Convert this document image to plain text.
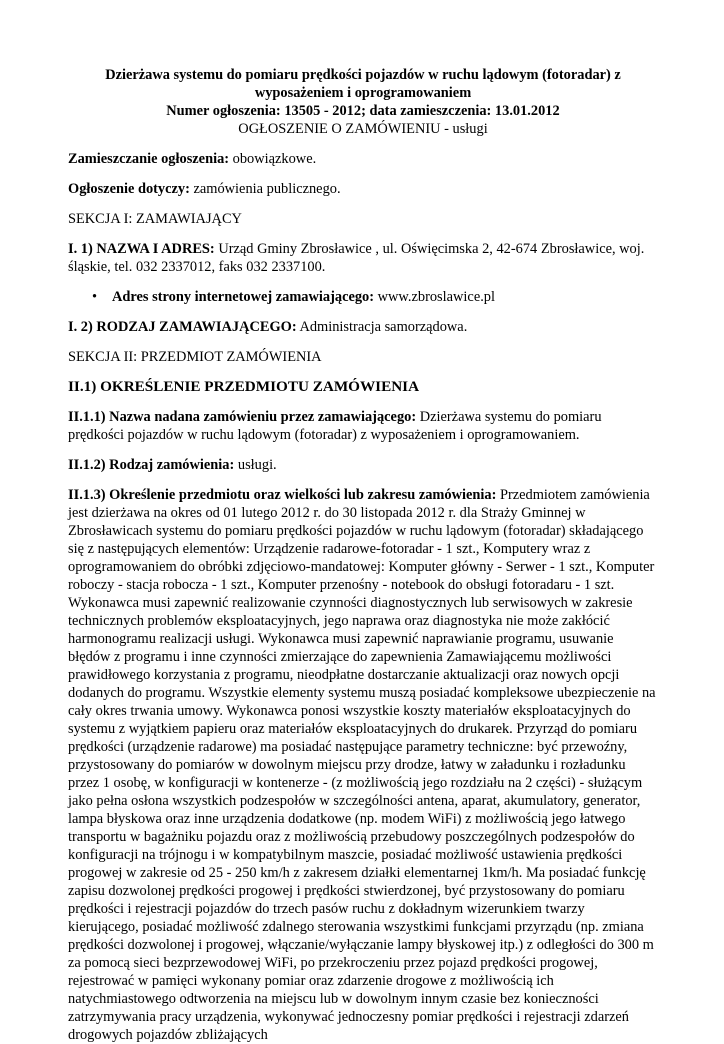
Dzierżawa systemu do pomiaru prędkości pojazdów w ruchu lądowym (fotoradar) z
wyposażeniem i oprogramowaniem
Numer ogłoszenia: 13505 - 2012; data zamieszczenia: 13.01.2012
OGŁOSZENIE O ZAMÓWIENIU - usługi

Zamieszczanie ogłoszenia: obowiązkowe.

Ogłoszenie dotyczy: zamówienia publicznego.

SEKCJA I: ZAMAWIAJĄCY

I. 1) NAZWA I ADRES: Urząd Gminy Zbrosławice , ul. Oświęcimska 2, 42-674 Zbrosławice, woj. śląskie, tel. 032 2337012, faks 032 2337100.

• Adres strony internetowej zamawiającego: www.zbroslawice.pl

I. 2) RODZAJ ZAMAWIAJĄCEGO: Administracja samorządowa.

SEKCJA II: PRZEDMIOT ZAMÓWIENIA

II.1) OKREŚLENIE PRZEDMIOTU ZAMÓWIENIA

II.1.1) Nazwa nadana zamówieniu przez zamawiającego: Dzierżawa systemu do pomiaru prędkości pojazdów w ruchu lądowym (fotoradar) z wyposażeniem i oprogramowaniem.

II.1.2) Rodzaj zamówienia: usługi.

II.1.3) Określenie przedmiotu oraz wielkości lub zakresu zamówienia: Przedmiotem zamówienia jest dzierżawa na okres od 01 lutego 2012 r. do 30 listopada 2012 r. dla Straży Gminnej w Zbrosławicach systemu do pomiaru prędkości pojazdów w ruchu lądowym (fotoradar) składającego się z następujących elementów: Urządzenie radarowe-fotoradar - 1 szt., Komputery wraz z oprogramowaniem do obróbki zdjęciowo-mandatowej: Komputer główny - Serwer - 1 szt., Komputer roboczy - stacja robocza - 1 szt., Komputer przenośny - notebook do obsługi fotoradaru - 1 szt. Wykonawca musi zapewnić realizowanie czynności diagnostycznych lub serwisowych w zakresie technicznych problemów eksploatacyjnych, jego naprawa oraz diagnostyka nie może zakłócić harmonogramu realizacji usługi. Wykonawca musi zapewnić naprawianie programu, usuwanie błędów z programu i inne czynności zmierzające do zapewnienia Zamawiającemu możliwości prawidłowego korzystania z programu, nieodpłatne dostarczanie aktualizacji oraz nowych opcji dodanych do programu. Wszystkie elementy systemu muszą posiadać kompleksowe ubezpieczenie na cały okres trwania umowy. Wykonawca ponosi wszystkie koszty materiałów eksploatacyjnych do systemu z wyjątkiem papieru oraz materiałów eksploatacyjnych do drukarek. Przyrząd do pomiaru prędkości (urządzenie radarowe) ma posiadać następujące parametry techniczne: być przewoźny, przystosowany do pomiarów w dowolnym miejscu przy drodze, łatwy w załadunku i rozładunku przez 1 osobę, w konfiguracji w kontenerze - (z możliwością jego rozdziału na 2 części) - służącym jako pełna osłona wszystkich podzespołów w szczególności antena, aparat, akumulatory, generator, lampa błyskowa oraz inne urządzenia dodatkowe (np. modem WiFi) z możliwością jego łatwego transportu w bagażniku pojazdu oraz z możliwością przebudowy poszczególnych podzespołów do konfiguracji na trójnogu i w kompatybilnym maszcie, posiadać możliwość ustawienia prędkości progowej w zakresie od 25 - 250 km/h z zakresem działki elementarnej 1km/h. Ma posiadać funkcję zapisu dozwolonej prędkości progowej i prędkości stwierdzonej, być przystosowany do pomiaru prędkości i rejestracji pojazdów do trzech pasów ruchu z dokładnym wizerunkiem twarzy kierującego, posiadać możliwość zdalnego sterowania wszystkimi funkcjami przyrządu (np. zmiana prędkości dozwolonej i progowej, włączanie/wyłączanie lampy błyskowej itp.) z odległości do 300 m za pomocą sieci bezprzewodowej WiFi, po przekroczeniu przez pojazd prędkości progowej, rejestrować w pamięci wykonany pomiar oraz zdarzenie drogowe z możliwością ich natychmiastowego odtworzenia na miejscu lub w dowolnym innym czasie bez konieczności zatrzymywania pracy urządzenia, wykonywać jednoczesny pomiar prędkości i rejestracji zdarzeń drogowych pojazdów zbliżających
